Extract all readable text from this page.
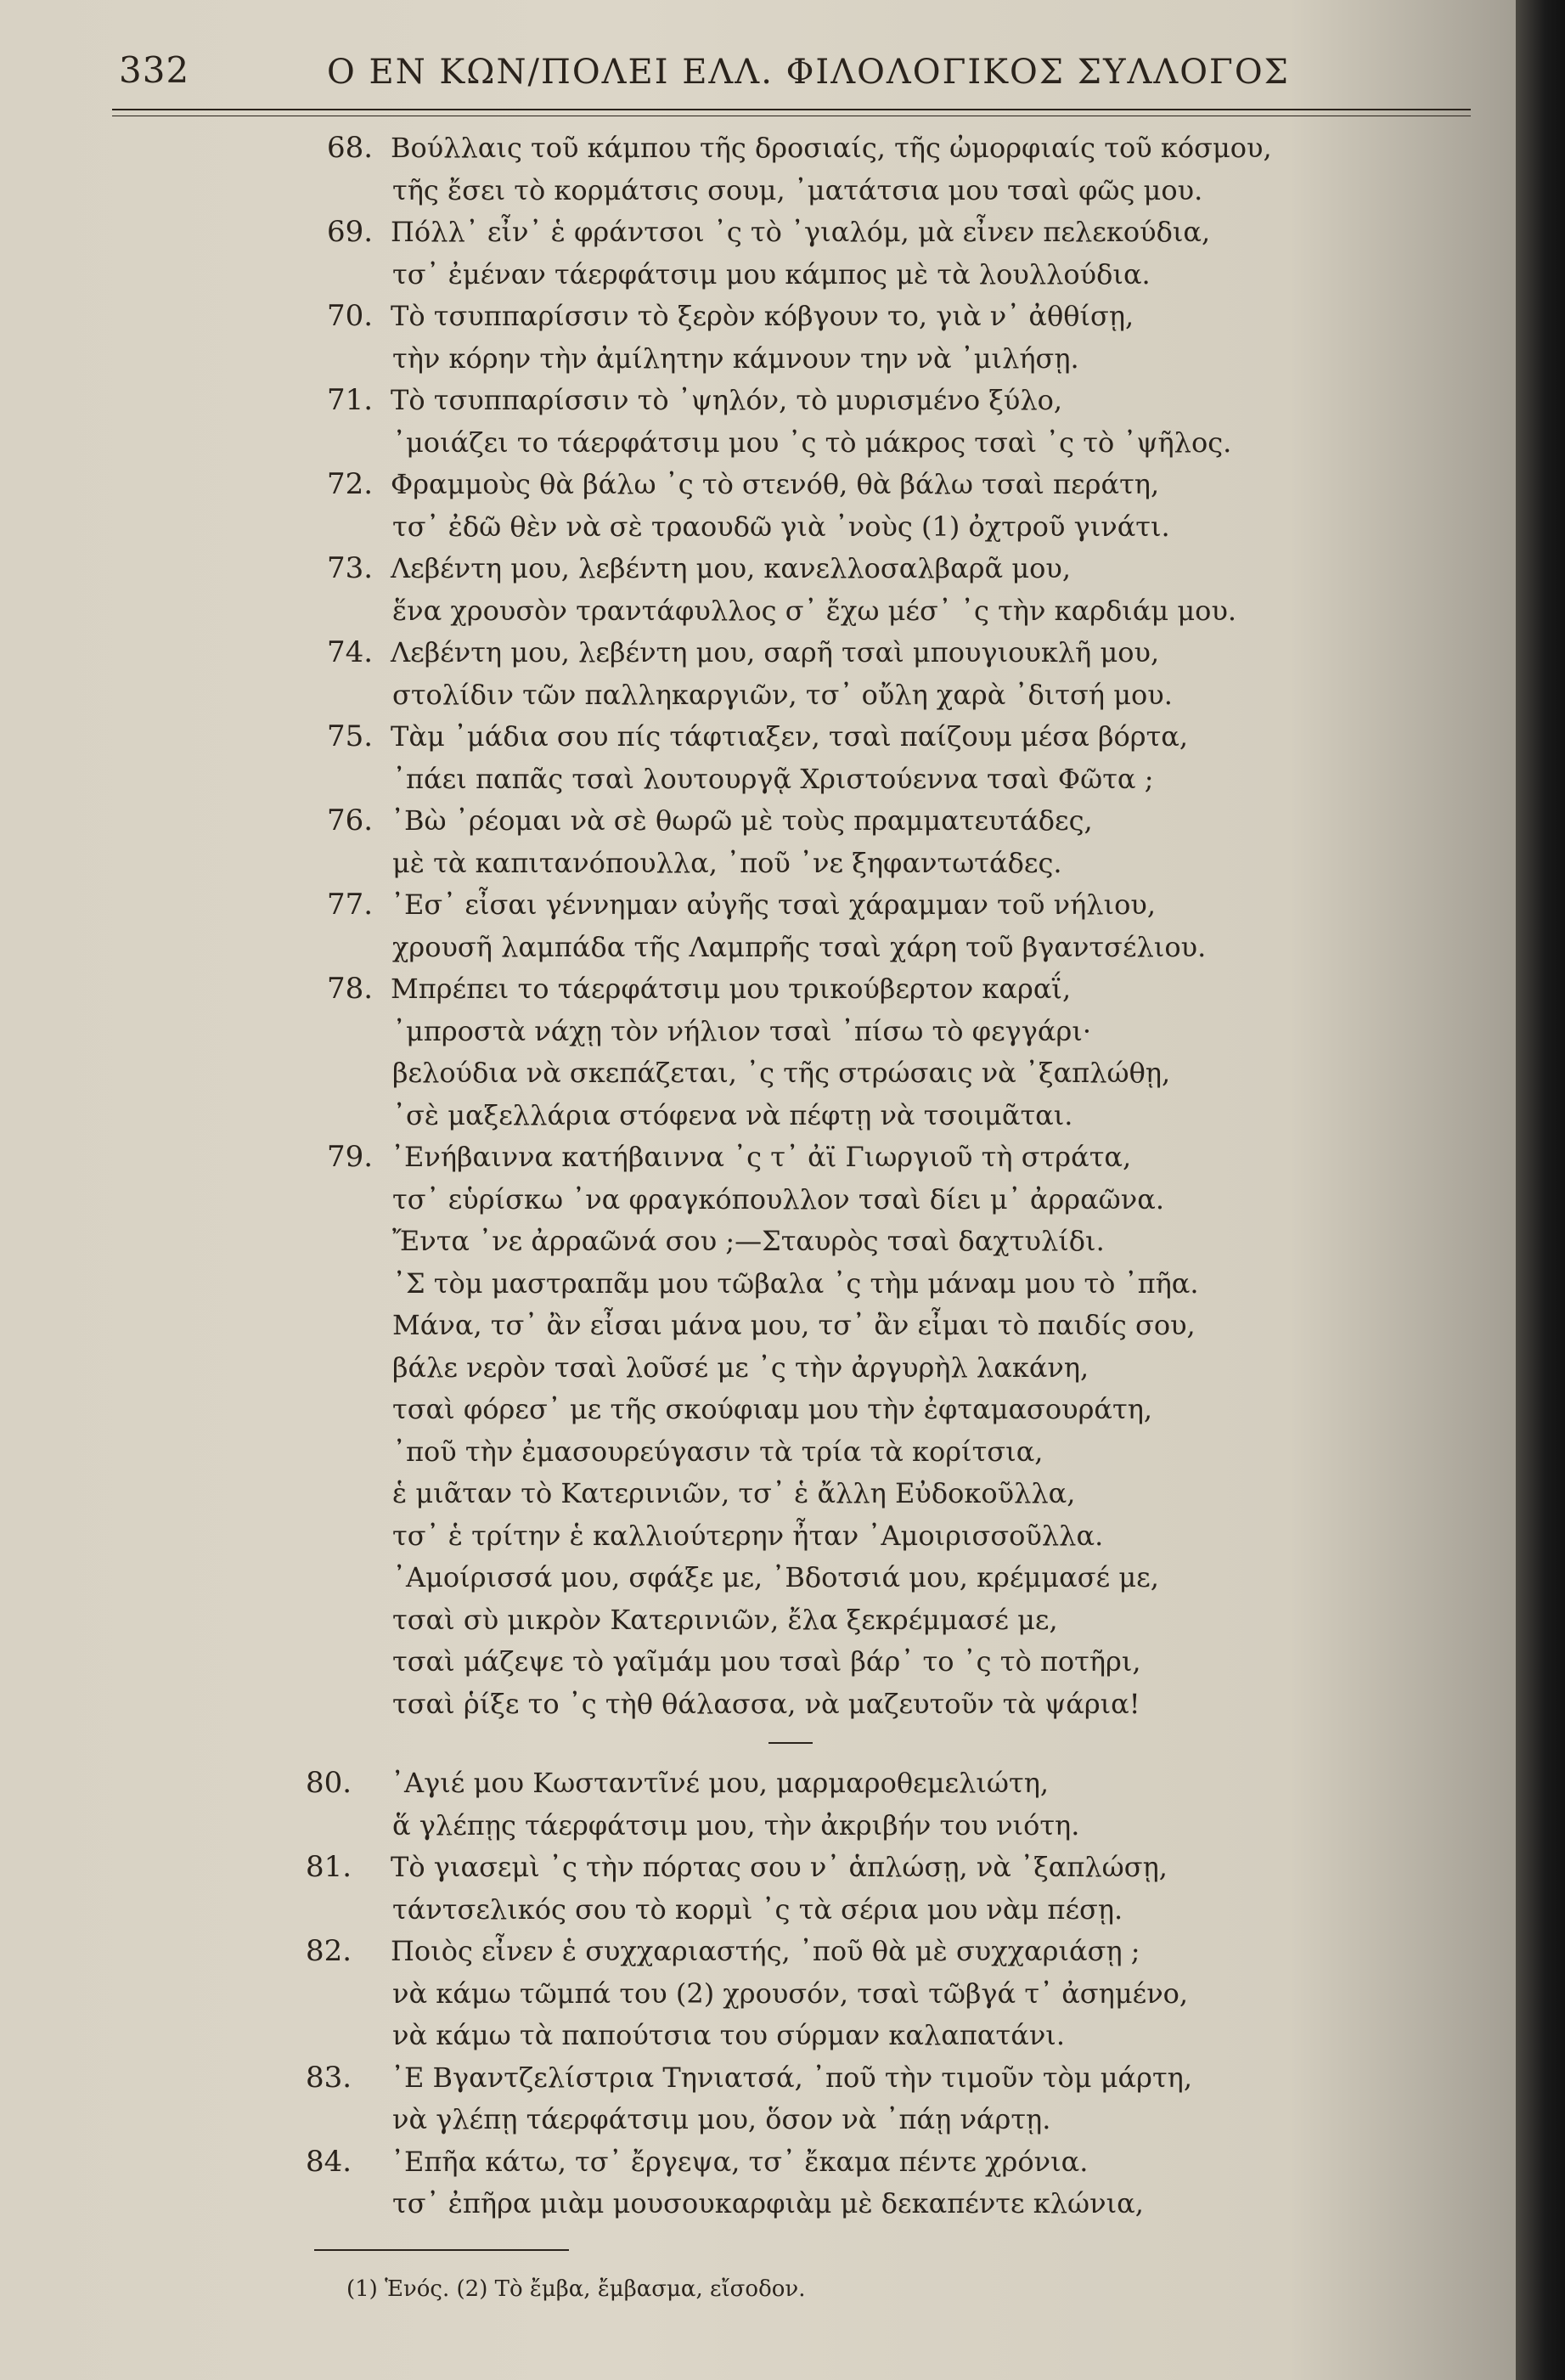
332	Ο ΕΝ ΚΩΝ/ΠΟΛΕΙ ΕΛΛ. ΦΙΛΟΛΟΓΙΚΟΣ ΣΥΛΛΟΓΟΣ
68. Βούλλαις τοῦ κάμπου τῆς δροσιαίς, τῆς ὠμορφιαίς τοῦ κόσμου,
τῆς ἔσει τὸ κορμάτσις σουμ, ᾽ματάτσια μου τσαὶ φῶς μου.
69. Πόλλ᾽ εἶν᾽ ἑ φράντσοι ᾽ς τὸ ᾽γιαλόμ, μὰ εἶνεν πελεκούδια,
τσ᾽ ἐμέναν τάερφάτσιμ μου κάμπος μὲ τὰ λουλλούδια.
70. Τὸ τσυππαρίσσιν τὸ ξερὸν κόβγουν το, γιὰ ν᾽ ἀθθίσῃ,
τὴν κόρην τὴν ἀμίλητην κάμνουν την νὰ ᾽μιλήσῃ.
71. Τὸ τσυππαρίσσιν τὸ ᾽ψηλόν, τὸ μυρισμένο ξύλο,
᾽μοιάζει το τάερφάτσιμ μου ᾽ς τὸ μάκρος τσαὶ ᾽ς τὸ ᾽ψῆλος.
72. Φραμμοὺς θὰ βάλω ᾽ς τὸ στενόθ, θὰ βάλω τσαὶ περάτη,
τσ᾽ ἐδῶ θὲν νὰ σὲ τραουδῶ γιὰ ᾽νοὺς (1) ὀχτροῦ γινάτι.
73. Λεβέντη μου, λεβέντη μου, κανελλοσαλβαρᾶ μου,
ἕνα χρουσὸν τραντάφυλλος σ᾽ ἔχω μέσ᾽ ᾽ς τὴν καρδιάμ μου.
74. Λεβέντη μου, λεβέντη μου, σαρῆ τσαὶ μπουγιουκλῆ μου,
στολίδιν τῶν παλληκαργιῶν, τσ᾽ οὔλη χαρὰ ᾽διτσή μου.
75. Τὰμ ᾽μάδια σου πίς τάφτιαξεν, τσαὶ παίζουμ μέσα βόρτα,
᾽πάει παπᾶς τσαὶ λουτουργᾷ Χριστούεννα τσαὶ Φῶτα ;
76. ᾽Βὼ ᾽ρέομαι νὰ σὲ θωρῶ μὲ τοὺς πραμματευτάδες,
μὲ τὰ καπιτανόπουλλα, ᾽ποῦ ᾽νε ξηφαντωτάδες.
77. ᾽Εσ᾽ εἶσαι γέννημαν αὐγῆς τσαὶ χάραμμαν τοῦ νήλιου,
χρουσῆ λαμπάδα τῆς Λαμπρῆς τσαὶ χάρη τοῦ βγαντσέλιου.
78. Μπρέπει το τάερφάτσιμ μου τρικούβερτον καραΐ,
᾽μπροστὰ νάχῃ τὸν νήλιον τσαὶ ᾽πίσω τὸ φεγγάρι·
βελούδια νὰ σκεπάζεται, ᾽ς τῆς στρώσαις νὰ ᾽ξαπλώθῃ,
᾽σὲ μαξελλάρια στόφενα νὰ πέφτῃ νὰ τσοιμᾶται.
79. ᾽Ενήβαιννα κατήβαιννα ᾽ς τ᾽ ἀϊ Γιωργιοῦ τὴ στράτα,
τσ᾽ εὑρίσκω ᾽να φραγκόπουλλον τσαὶ δίει μ᾽ ἀρραῶνα.
Ἔντα ᾽νε ἀρραῶνά σου ;—Σταυρὸς τσαὶ δαχτυλίδι.
᾽Σ τὸμ μαστραπᾶμ μου τῶβαλα ᾽ς τὴμ μάναμ μου τὸ ᾽πῆα.
Μάνα, τσ᾽ ἂν εἶσαι μάνα μου, τσ᾽ ἂν εἶμαι τὸ παιδίς σου,
βάλε νερὸν τσαὶ λοῦσέ με ᾽ς τὴν ἀργυρὴλ λακάνη,
τσαὶ φόρεσ᾽ με τῆς σκούφιαμ μου τὴν ἐφταμασουράτη,
᾽ποῦ τὴν ἐμασουρεύγασιν τὰ τρία τὰ κορίτσια,
ἑ μιᾶταν τὸ Κατερινιῶν, τσ᾽ ἑ ἄλλη Εὐδοκοῦλλα,
τσ᾽ ἑ τρίτην ἑ καλλιούτερην ἦταν ᾽Αμοιρισσοῦλλα.
᾽Αμοίρισσά μου, σφάξε με, ᾽Βδοτσιά μου, κρέμμασέ με,
τσαὶ σὺ μικρὸν Κατερινιῶν, ἔλα ξεκρέμμασέ με,
τσαὶ μάζεψε τὸ γαῖμάμ μου τσαὶ βάρ᾽ το ᾽ς τὸ ποτῆρι,
τσαὶ ῥίξε το ᾽ς τὴθ θάλασσα, νὰ μαζευτοῦν τὰ ψάρια!
80.	᾽Αγιέ μου Κωσταντῖνέ μου, μαρμαροθεμελιώτη,
ἅ γλέπῃς τάερφάτσιμ μου, τὴν ἀκριβήν του νιότη.
81.	Τὸ γιασεμὶ ᾽ς τὴν πόρτας σου ν᾽ ἁπλώσῃ, νὰ ᾽ξαπλώσῃ,
τάντσελικός σου τὸ κορμὶ ᾽ς τὰ σέρια μου νὰμ πέσῃ.
82.	Ποιὸς εἶνεν ἑ συχχαριαστής, ᾽ποῦ θὰ μὲ συχχαριάσῃ ;
νὰ κάμω τῶμπά του (2) χρουσόν, τσαὶ τῶβγά τ᾽ ἀσημένο,
νὰ κάμω τὰ παπούτσια του σύρμαν καλαπατάνι.
83.	᾽Ε Βγαντζελίστρια Τηνιατσά, ᾽ποῦ τὴν τιμοῦν τὸμ μάρτη,
νὰ γλέπῃ τάερφάτσιμ μου, ὅσον νὰ ᾽πάῃ νάρτῃ.
84.	᾽Επῆα κάτω, τσ᾽ ἔργεψα, τσ᾽ ἔκαμα πέντε χρόνια.
τσ᾽ ἐπῆρα μιὰμ μουσουκαρφιὰμ μὲ δεκαπέντε κλώνια,
(1) Ἑνός. (2) Τὸ ἔμβα, ἔμβασμα, εἴσοδον.
